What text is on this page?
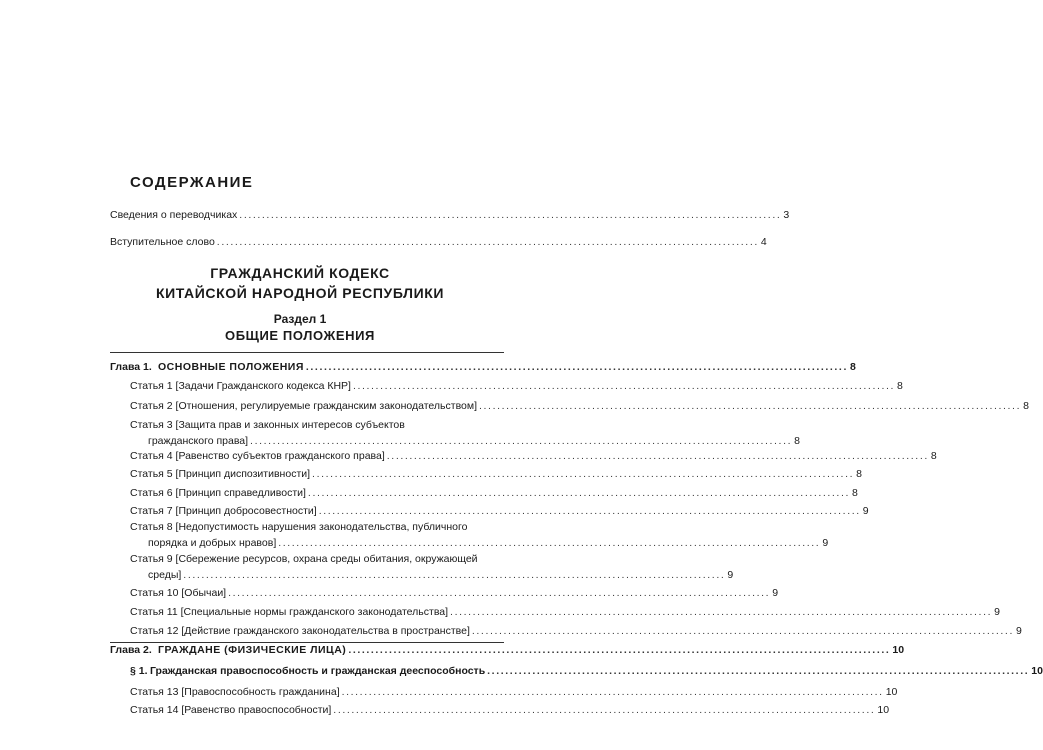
СОДЕРЖАНИЕ
Сведения о переводчиках ........................................................................................................................ 3
Вступительное слово ........................................................................................................................ 4
ГРАЖДАНСКИЙ КОДЕКС
КИТАЙСКОЙ НАРОДНОЙ РЕСПУБЛИКИ
Раздел 1
ОБЩИЕ ПОЛОЖЕНИЯ
Глава 1. ОСНОВНЫЕ ПОЛОЖЕНИЯ ........................................................................................................................ 8
Статья 1 [Задачи Гражданского кодекса КНР] ........................................................................................................................ 8
Статья 2 [Отношения, регулируемые гражданским законодательством] ........................................................................................................................ 8
Статья 3 [Защита прав и законных интересов субъектов
гражданского права] ........................................................................................................................ 8
Статья 4 [Равенство субъектов гражданского права] ........................................................................................................................ 8
Статья 5 [Принцип диспозитивности] ........................................................................................................................ 8
Статья 6 [Принцип справедливости] ........................................................................................................................ 8
Статья 7 [Принцип добросовестности] ........................................................................................................................ 9
Статья 8 [Недопустимость нарушения законодательства, публичного
порядка и добрых нравов] ........................................................................................................................ 9
Статья 9 [Сбережение ресурсов, охрана среды обитания, окружающей
среды] ........................................................................................................................ 9
Статья 10 [Обычаи] ........................................................................................................................ 9
Статья 11 [Специальные нормы гражданского законодательства] ........................................................................................................................ 9
Статья 12 [Действие гражданского законодательства в пространстве] ........................................................................................................................ 9
Глава 2. ГРАЖДАНЕ (ФИЗИЧЕСКИЕ ЛИЦА) ........................................................................................................................ 10
§ 1. Гражданская правоспособность и гражданская дееспособность ........................................................................................................................ 10
Статья 13 [Правоспособность гражданина] ........................................................................................................................ 10
Статья 14 [Равенство правоспособности] ........................................................................................................................ 10
